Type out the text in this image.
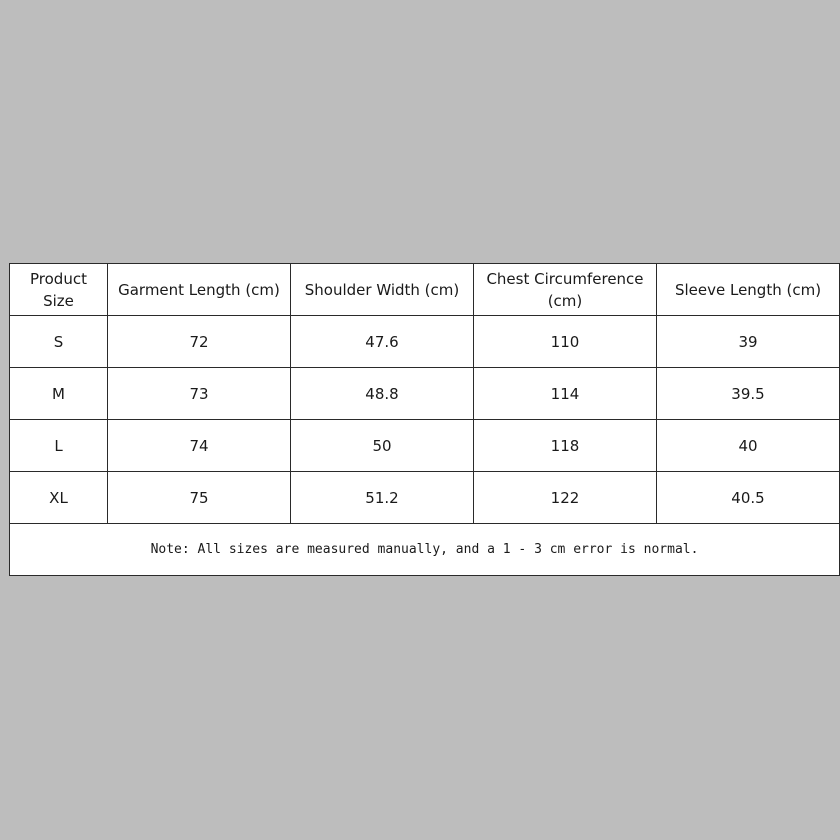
Product Size	Garment Length (cm)	Shoulder Width (cm)	Chest Circumference (cm)	Sleeve Length (cm)
S	72	47.6	110	39
M	73	48.8	114	39.5
L	74	50	118	40
XL	75	51.2	122	40.5
Note: All sizes are measured manually, and a 1 - 3 cm error is normal.				
